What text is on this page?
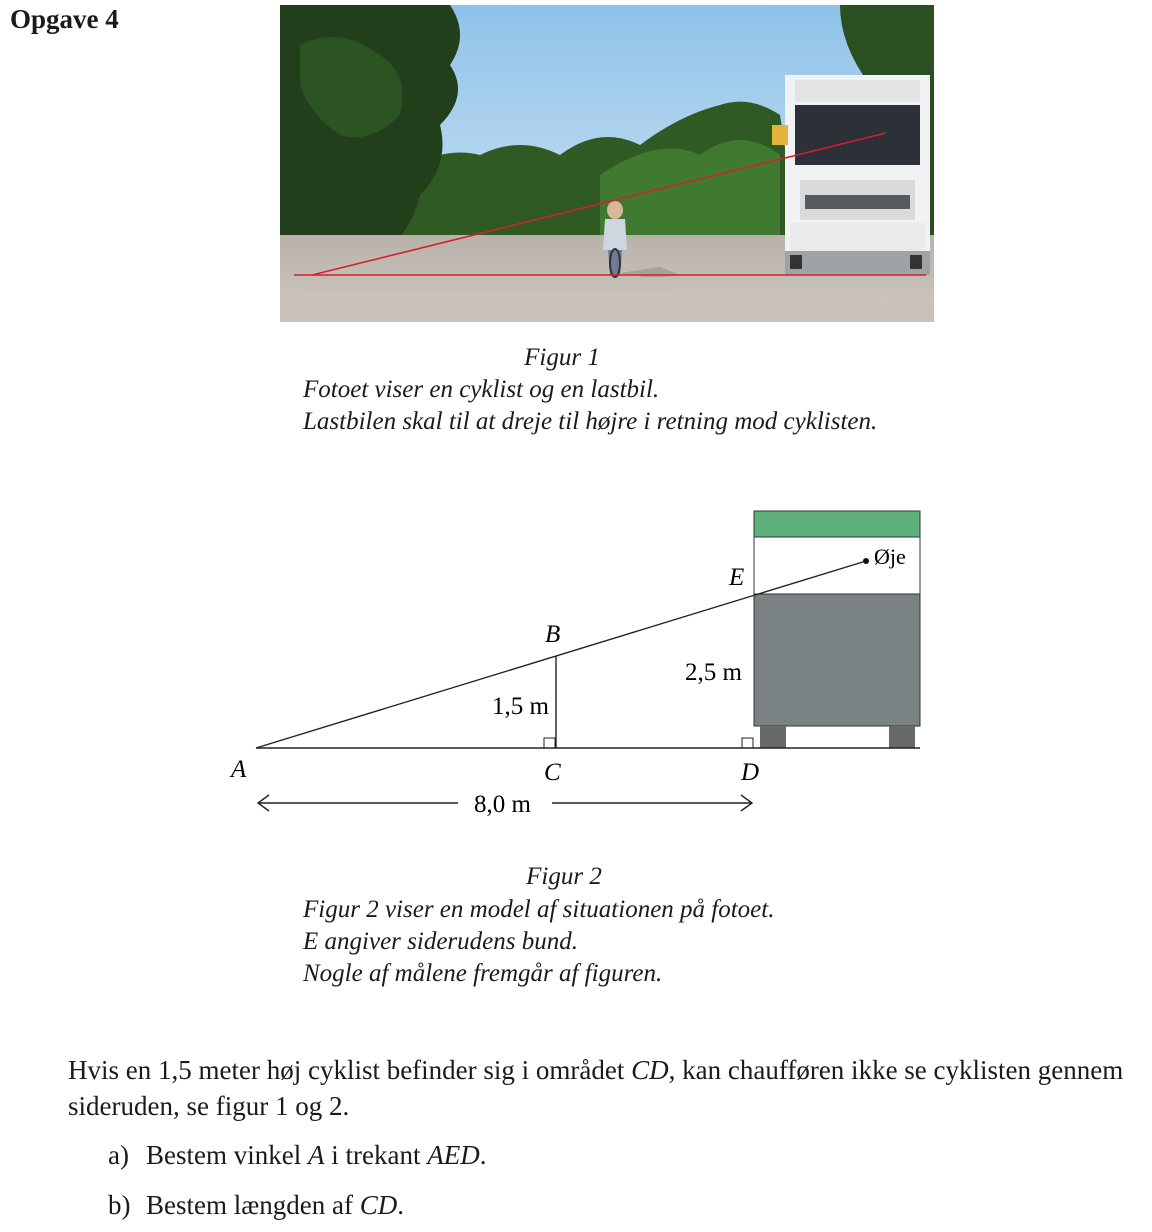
Opgave 4
Figur 1
Fotoet viser en cyklist og en lastbil.
Lastbilen skal til at dreje til højre i retning mod cyklisten.
A
B
C	D
E
Øje
1,5 m
2,5 m
8,0 m
Figur 2
Figur 2 viser en model af situationen på fotoet.
E angiver siderudens bund.
Nogle af målene fremgår af figuren.
Hvis en 1,5 meter høj cyklist befinder sig i området CD, kan chaufføren ikke se cyklisten gennem sideruden, se figur 1 og 2.
a) Bestem vinkel A i trekant AED.
b) Bestem længden af CD.
